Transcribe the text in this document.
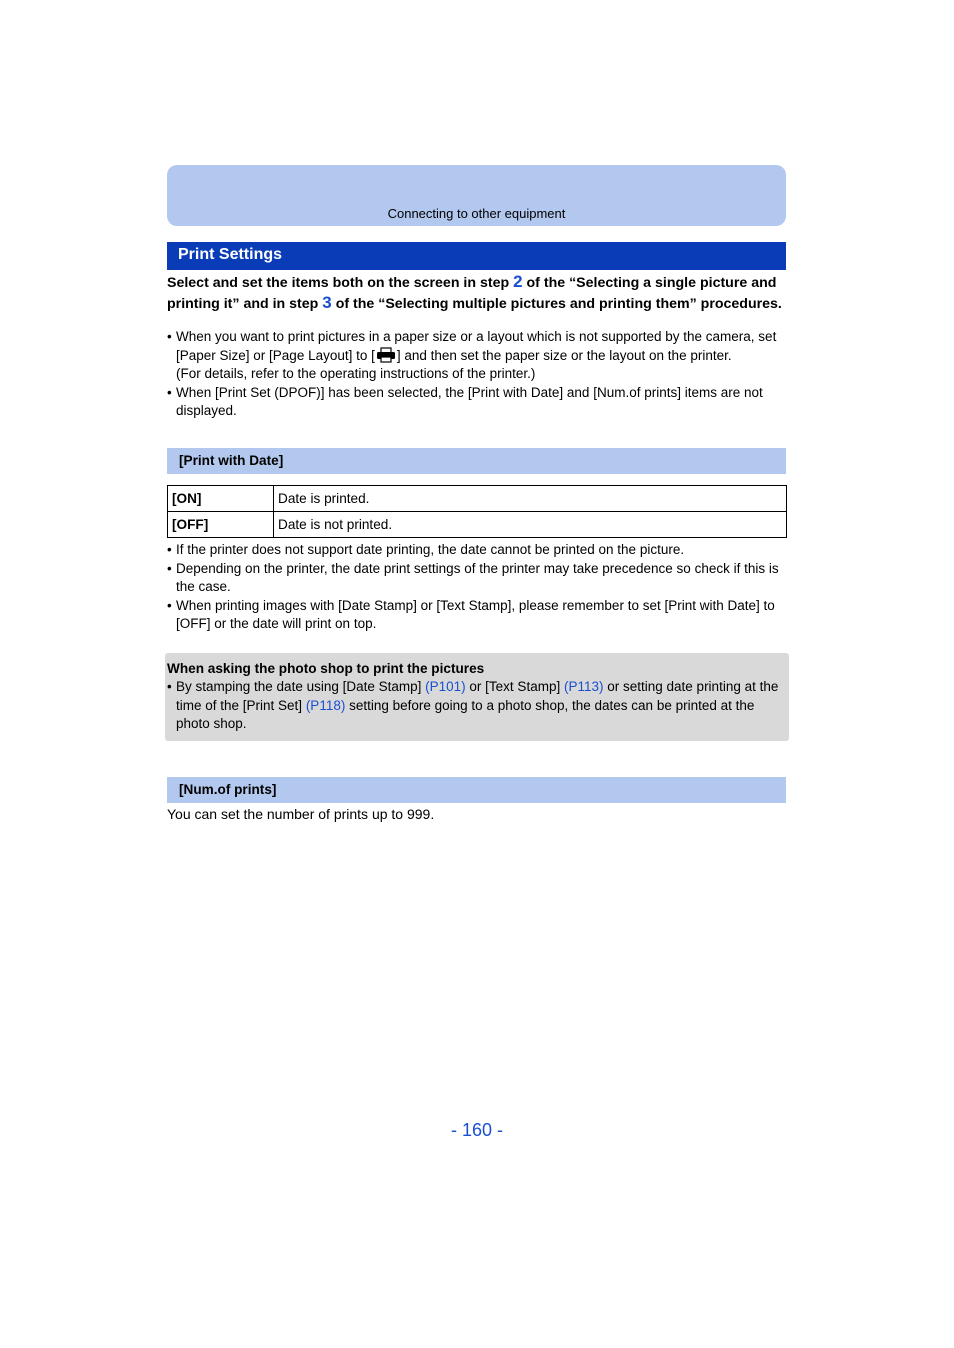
Connecting to other equipment
Print Settings
Select and set the items both on the screen in step 2 of the “Selecting a single picture and printing it” and in step 3 of the “Selecting multiple pictures and printing them” procedures.
• When you want to print pictures in a paper size or a layout which is not supported by the camera, set [Paper Size] or [Page Layout] to [ ] and then set the paper size or the layout on the printer.
(For details, refer to the operating instructions of the printer.)
• When [Print Set (DPOF)] has been selected, the [Print with Date] and [Num.of prints] items are not displayed.
[Print with Date]
[ON]	Date is printed.
[OFF]	Date is not printed.
• If the printer does not support date printing, the date cannot be printed on the picture.
• Depending on the printer, the date print settings of the printer may take precedence so check if this is the case.
• When printing images with [Date Stamp] or [Text Stamp], please remember to set [Print with Date] to [OFF] or the date will print on top.
When asking the photo shop to print the pictures
• By stamping the date using [Date Stamp] (P101) or [Text Stamp] (P113) or setting date printing at the time of the [Print Set] (P118) setting before going to a photo shop, the dates can be printed at the photo shop.
[Num.of prints]
You can set the number of prints up to 999.
- 160 -
